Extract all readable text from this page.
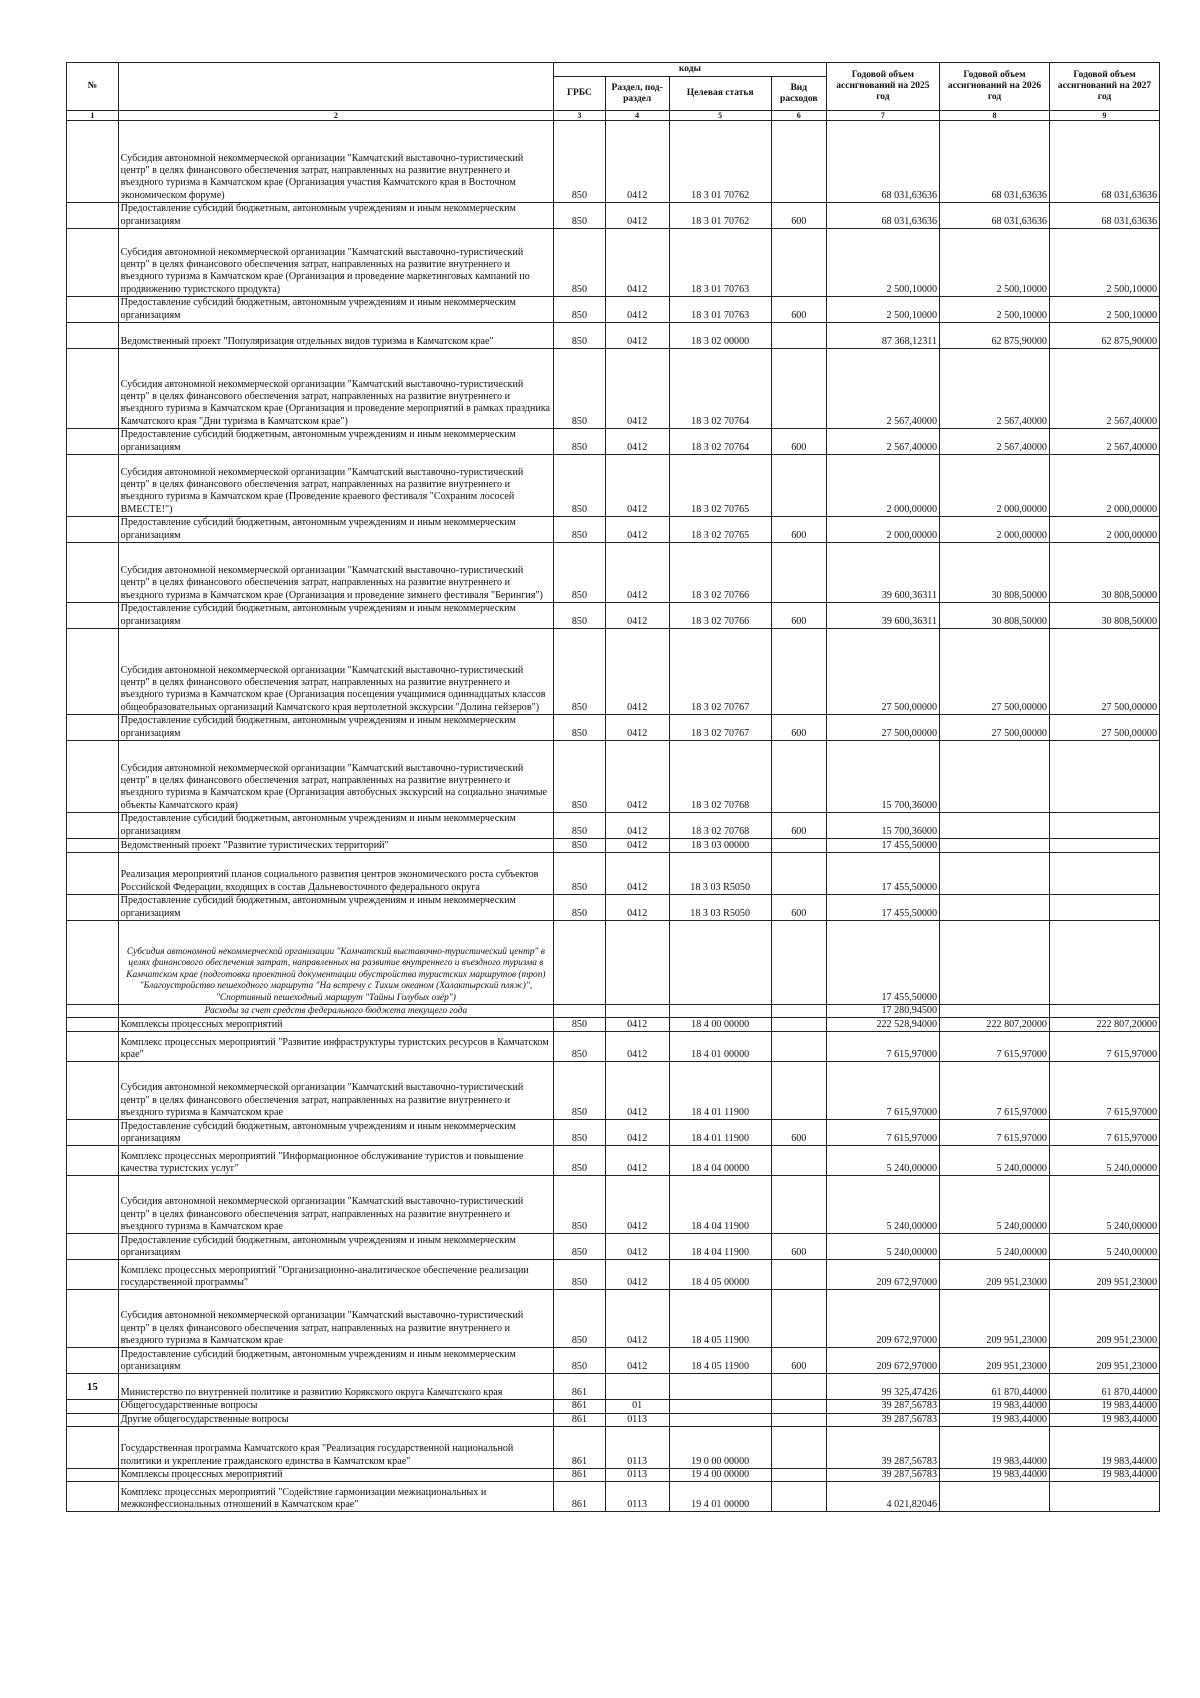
№		коды				Годовой объем ассигнований на 2025 год	Годовой объем ассигнований на 2026 год	Годовой объем ассигнований на 2027 год
		ГРБС	Раздел, под-раздел	Целевая статья	Вид расходов			
1	2	3	4	5	6	7	8	9
	Субсидия автономной некоммерческой организации "Камчатский выставочно-туристический центр" в целях финансового обеспечения затрат, направленных на развитие внутреннего и въездного туризма в Камчатском крае (Организация участия Камчатского края в Восточном экономическом форуме)	850	0412	18 3 01 70762		68 031,63636	68 031,63636	68 031,63636
	Предоставление субсидий бюджетным, автономным учреждениям и иным некоммерческим организациям	850	0412	18 3 01 70762	600	68 031,63636	68 031,63636	68 031,63636
	Субсидия автономной некоммерческой организации "Камчатский выставочно-туристический центр" в целях финансового обеспечения затрат, направленных на развитие внутреннего и въездного туризма в Камчатском крае (Организация и проведение маркетинговых кампаний по продвижению туристского продукта)	850	0412	18 3 01 70763		2 500,10000	2 500,10000	2 500,10000
	Предоставление субсидий бюджетным, автономным учреждениям и иным некоммерческим организациям	850	0412	18 3 01 70763	600	2 500,10000	2 500,10000	2 500,10000
	Ведомственный проект "Популяризация отдельных видов туризма в Камчатском крае"	850	0412	18 3 02 00000		87 368,12311	62 875,90000	62 875,90000
	Субсидия автономной некоммерческой организации "Камчатский выставочно-туристический центр" в целях финансового обеспечения затрат, направленных на развитие внутреннего и въездного туризма в Камчатском крае (Организация и проведение мероприятий в рамках праздника Камчатского края "Дни туризма в Камчатском крае")	850	0412	18 3 02 70764		2 567,40000	2 567,40000	2 567,40000
	Предоставление субсидий бюджетным, автономным учреждениям и иным некоммерческим организациям	850	0412	18 3 02 70764	600	2 567,40000	2 567,40000	2 567,40000
	Субсидия автономной некоммерческой организации "Камчатский выставочно-туристический центр" в целях финансового обеспечения затрат, направленных на развитие внутреннего и въездного туризма в Камчатском крае (Проведение краевого фестиваля "Сохраним лососей ВМЕСТЕ!")	850	0412	18 3 02 70765		2 000,00000	2 000,00000	2 000,00000
	Предоставление субсидий бюджетным, автономным учреждениям и иным некоммерческим организациям	850	0412	18 3 02 70765	600	2 000,00000	2 000,00000	2 000,00000
	Субсидия автономной некоммерческой организации "Камчатский выставочно-туристический центр" в целях финансового обеспечения затрат, направленных на развитие внутреннего и въездного туризма в Камчатском крае (Организация и проведение зимнего фестиваля "Берингия")	850	0412	18 3 02 70766		39 600,36311	30 808,50000	30 808,50000
	Предоставление субсидий бюджетным, автономным учреждениям и иным некоммерческим организациям	850	0412	18 3 02 70766	600	39 600,36311	30 808,50000	30 808,50000
	Субсидия автономной некоммерческой организации "Камчатский выставочно-туристический центр" в целях финансового обеспечения затрат, направленных на развитие внутреннего и въездного туризма в Камчатском крае (Организация посещения учащимися одиннадцатых классов общеобразовательных организаций Камчатского края вертолетной экскурсии "Долина гейзеров")	850	0412	18 3 02 70767		27 500,00000	27 500,00000	27 500,00000
	Предоставление субсидий бюджетным, автономным учреждениям и иным некоммерческим организациям	850	0412	18 3 02 70767	600	27 500,00000	27 500,00000	27 500,00000
	Субсидия автономной некоммерческой организации "Камчатский выставочно-туристический центр" в целях финансового обеспечения затрат, направленных на развитие внутреннего и въездного туризма в Камчатском крае (Организация автобусных экскурсий на социально значимые объекты Камчатского края)	850	0412	18 3 02 70768		15 700,36000		
	Предоставление субсидий бюджетным, автономным учреждениям и иным некоммерческим организациям	850	0412	18 3 02 70768	600	15 700,36000		
	Ведомственный проект "Развитие туристических территорий"	850	0412	18 3 03 00000		17 455,50000		
	Реализация мероприятий планов социального развития центров экономического роста субъектов Российской Федерации, входящих в состав Дальневосточного федерального округа	850	0412	18 3 03 R5050		17 455,50000		
	Предоставление субсидий бюджетным, автономным учреждениям и иным некоммерческим организациям	850	0412	18 3 03 R5050	600	17 455,50000		
	Субсидия автономной некоммерческой организации "Камчатский выставочно-туристический центр" в целях финансового обеспечения затрат, направленных на развитие внутреннего и въездного туризма в Камчатском крае (подготовка проектной документации обустройства туристских маршрутов (троп) "Благоустройство пешеходного маршрута "На встречу с Тихим океаном (Халактырский пляж)", "Спортивный пешеходный маршрут "Тайны Голубых озёр")					17 455,50000		
	Расходы за счет средств федерального бюджета текущего года					17 280,94500		
	Комплексы процессных мероприятий	850	0412	18 4 00 00000		222 528,94000	222 807,20000	222 807,20000
	Комплекс процессных мероприятий "Развитие инфраструктуры туристских ресурсов в Камчатском крае"	850	0412	18 4 01 00000		7 615,97000	7 615,97000	7 615,97000
	Субсидия автономной некоммерческой организации "Камчатский выставочно-туристический центр" в целях финансового обеспечения затрат, направленных на развитие внутреннего и въездного туризма в Камчатском крае	850	0412	18 4 01 11900		7 615,97000	7 615,97000	7 615,97000
	Предоставление субсидий бюджетным, автономным учреждениям и иным некоммерческим организациям	850	0412	18 4 01 11900	600	7 615,97000	7 615,97000	7 615,97000
	Комплекс процессных мероприятий "Информационное обслуживание туристов и повышение качества туристских услуг"	850	0412	18 4 04 00000		5 240,00000	5 240,00000	5 240,00000
	Субсидия автономной некоммерческой организации "Камчатский выставочно-туристический центр" в целях финансового обеспечения затрат, направленных на развитие внутреннего и въездного туризма в Камчатском крае	850	0412	18 4 04 11900		5 240,00000	5 240,00000	5 240,00000
	Предоставление субсидий бюджетным, автономным учреждениям и иным некоммерческим организациям	850	0412	18 4 04 11900	600	5 240,00000	5 240,00000	5 240,00000
	Комплекс процессных мероприятий "Организационно-аналитическое обеспечение реализации государственной программы"	850	0412	18 4 05 00000		209 672,97000	209 951,23000	209 951,23000
	Субсидия автономной некоммерческой организации "Камчатский выставочно-туристический центр" в целях финансового обеспечения затрат, направленных на развитие внутреннего и въездного туризма в Камчатском крае	850	0412	18 4 05 11900		209 672,97000	209 951,23000	209 951,23000
	Предоставление субсидий бюджетным, автономным учреждениям и иным некоммерческим организациям	850	0412	18 4 05 11900	600	209 672,97000	209 951,23000	209 951,23000
15	Министерство по внутренней политике и развитию Корякского округа Камчатского края	861				99 325,47426	61 870,44000	61 870,44000
	Общегосударственные вопросы	861	01			39 287,56783	19 983,44000	19 983,44000
	Другие общегосударственные вопросы	861	0113			39 287,56783	19 983,44000	19 983,44000
	Государственная программа Камчатского края "Реализация государственной национальной политики и укрепление гражданского единства в Камчатском крае"	861	0113	19 0 00 00000		39 287,56783	19 983,44000	19 983,44000
	Комплексы процессных мероприятий	861	0113	19 4 00 00000		39 287,56783	19 983,44000	19 983,44000
	Комплекс процессных мероприятий "Содействие гармонизации межнациональных и межконфессиональных отношений в Камчатском крае"	861	0113	19 4 01 00000		4 021,82046		
